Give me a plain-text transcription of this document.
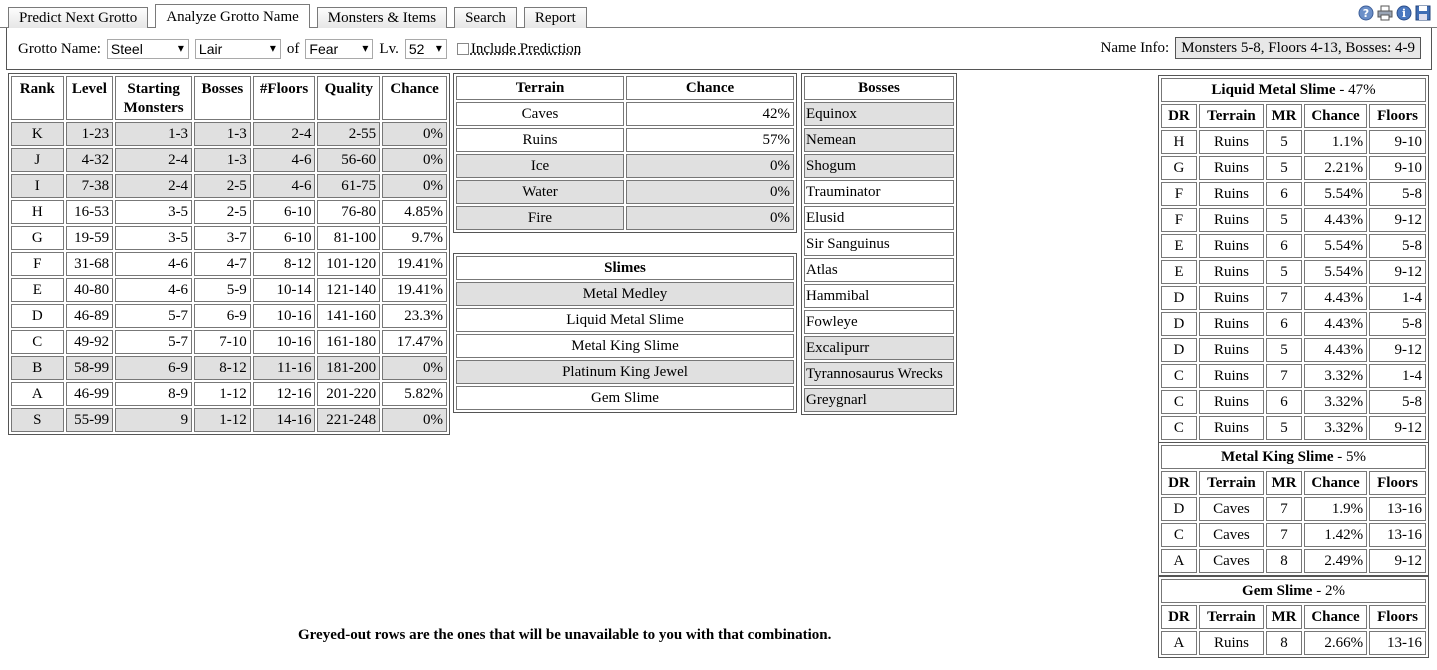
Predict Next Grotto	Analyze Grotto Name	Monsters & Items	Search	Report	?	i
Grotto Name: Steel ▾	Lair ▾	of Fear ▾	Lv. 52 ▾	Include Prediction	Name Info: Monsters 5-8, Floors 4-13, Bosses: 4-9
Rank	Level	Starting Monsters	Bosses	#Floors	Quality	Chance
K	1-23	1-3	1-3	2-4	2-55	0%
J	4-32	2-4	1-3	4-6	56-60	0%
I	7-38	2-4	2-5	4-6	61-75	0%
H	16-53	3-5	2-5	6-10	76-80	4.85%
G	19-59	3-5	3-7	6-10	81-100	9.7%
F	31-68	4-6	4-7	8-12	101-120	19.41%
E	40-80	4-6	5-9	10-14	121-140	19.41%
D	46-89	5-7	6-9	10-16	141-160	23.3%
C	49-92	5-7	7-10	10-16	161-180	17.47%
B	58-99	6-9	8-12	11-16	181-200	0%
A	46-99	8-9	1-12	12-16	201-220	5.82%
S	55-99	9	1-12	14-16	221-248	0%
Terrain	Chance
Caves	42%
Ruins	57%
Ice	0%
Water	0%
Fire	0%
Slimes
Metal Medley
Liquid Metal Slime
Metal King Slime
Platinum King Jewel
Gem Slime
Bosses
Equinox
Nemean
Shogum
Trauminator
Elusid
Sir Sanguinus
Atlas
Hammibal
Fowleye
Excalipurr
Tyrannosaurus Wrecks
Greygnarl
Liquid Metal Slime - 47%				
DR	Terrain	MR	Chance	Floors
H	Ruins	5	1.1%	9-10
G	Ruins	5	2.21%	9-10
F	Ruins	6	5.54%	5-8
F	Ruins	5	4.43%	9-12
E	Ruins	6	5.54%	5-8
E	Ruins	5	5.54%	9-12
D	Ruins	7	4.43%	1-4
D	Ruins	6	4.43%	5-8
D	Ruins	5	4.43%	9-12
C	Ruins	7	3.32%	1-4
C	Ruins	6	3.32%	5-8
C	Ruins	5	3.32%	9-12
Metal King Slime - 5%				
DR	Terrain	MR	Chance	Floors
D	Caves	7	1.9%	13-16
C	Caves	7	1.42%	13-16
A	Caves	8	2.49%	9-12
Gem Slime - 2%				
DR	Terrain	MR	Chance	Floors
A	Ruins	8	2.66%	13-16
Greyed-out rows are the ones that will be unavailable to you with that combination.
